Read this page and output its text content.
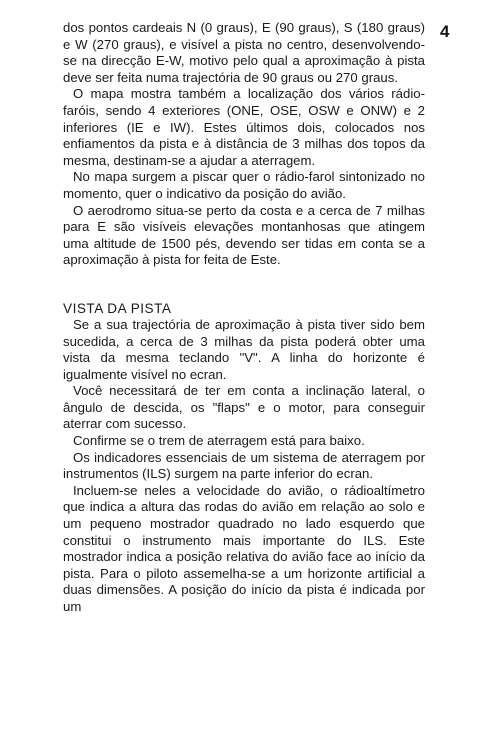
4

dos pontos cardeais N (0 graus), E (90 graus), S (180 graus) e W (270 graus), e visível a pista no centro, desenvolvendo-se na direcção E-W, motivo pelo qual a aproximação à pista deve ser feita numa trajectória de 90 graus ou 270 graus.

O mapa mostra também a localização dos vários rádio-faróis, sendo 4 exteriores (ONE, OSE, OSW e ONW) e 2 inferiores (IE e IW). Estes últimos dois, colocados nos enfiamentos da pista e à distância de 3 milhas dos topos da mesma, destinam-se a ajudar a aterragem.

No mapa surgem a piscar quer o rádio-farol sintonizado no momento, quer o indicativo da posição do avião.

O aerodromo situa-se perto da costa e a cerca de 7 milhas para E são visíveis elevações montanhosas que atingem uma altitude de 1500 pés, devendo ser tidas em conta se a aproximação à pista for feita de Este.

VISTA DA PISTA

Se a sua trajectória de aproximação à pista tiver sido bem sucedida, a cerca de 3 milhas da pista poderá obter uma vista da mesma teclando "V". A linha do horizonte é igualmente visível no ecran.

Você necessitará de ter em conta a inclinação lateral, o ângulo de descida, os "flaps" e o motor, para conseguir aterrar com sucesso.

Confirme se o trem de aterragem está para baixo.

Os indicadores essenciais de um sistema de aterragem por instrumentos (ILS) surgem na parte inferior do ecran.

Incluem-se neles a velocidade do avião, o rádioaltímetro que indica a altura das rodas do avião em relação ao solo e um pequeno mostrador quadrado no lado esquerdo que constitui o instrumento mais importante do ILS. Este mostrador indica a posição relativa do avião face ao início da pista. Para o piloto assemelha-se a um horizonte artificial a duas dimensões. A posição do início da pista é indicada por um
